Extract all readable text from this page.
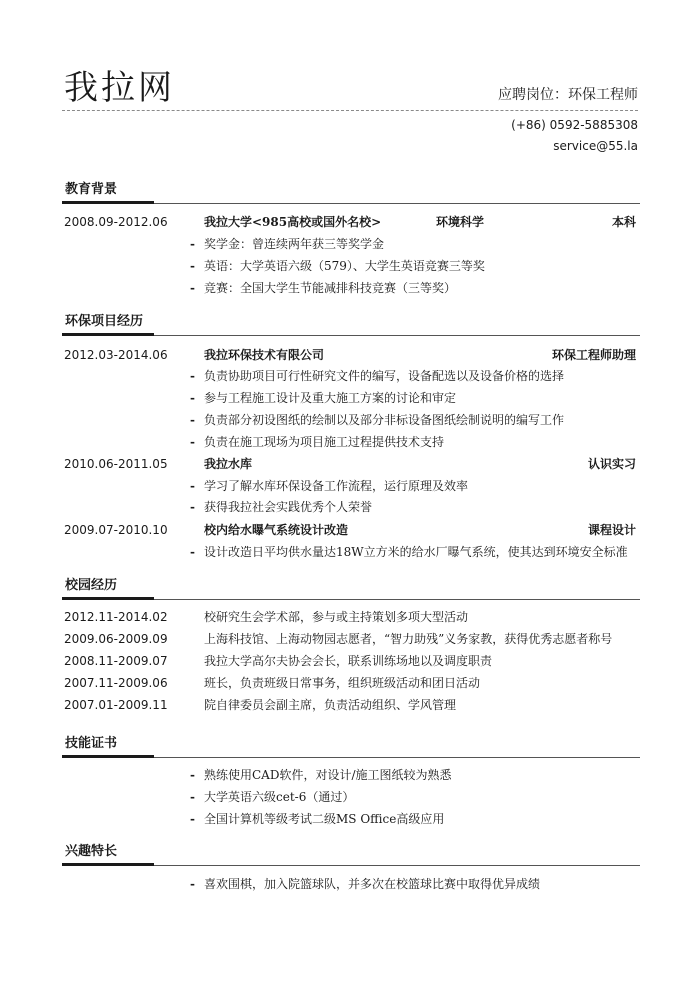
我拉网	应聘岗位：环保工程师
(+86) 0592-5885308
service@55.la
教育背景
2008.09-2012.06	我拉大学<985高校或国外名校>	环境科学	本科
- 奖学金：曾连续两年获三等奖学金
- 英语：大学英语六级（579）、大学生英语竞赛三等奖
- 竞赛：全国大学生节能减排科技竞赛（三等奖）
环保项目经历
2012.03-2014.06	我拉环保技术有限公司	环保工程师助理
- 负责协助项目可行性研究文件的编写，设备配选以及设备价格的选择
- 参与工程施工设计及重大施工方案的讨论和审定
- 负责部分初设图纸的绘制以及部分非标设备图纸绘制说明的编写工作
- 负责在施工现场为项目施工过程提供技术支持
2010.06-2011.05	我拉水库	认识实习
- 学习了解水库环保设备工作流程，运行原理及效率
- 获得我拉社会实践优秀个人荣誉
2009.07-2010.10	校内给水曝气系统设计改造	课程设计
- 设计改造日平均供水量达18W立方米的给水厂曝气系统，使其达到环境安全标准
校园经历
2012.11-2014.02	校研究生会学术部，参与或主持策划多项大型活动
2009.06-2009.09	上海科技馆、上海动物园志愿者，“智力助残”义务家教，获得优秀志愿者称号
2008.11-2009.07	我拉大学高尔夫协会会长，联系训练场地以及调度职责
2007.11-2009.06	班长，负责班级日常事务，组织班级活动和团日活动
2007.01-2009.11	院自律委员会副主席，负责活动组织、学风管理
技能证书
- 熟练使用CAD软件，对设计/施工图纸较为熟悉
- 大学英语六级cet-6（通过）
- 全国计算机等级考试二级MS Office高级应用
兴趣特长
- 喜欢围棋，加入院篮球队，并多次在校篮球比赛中取得优异成绩
